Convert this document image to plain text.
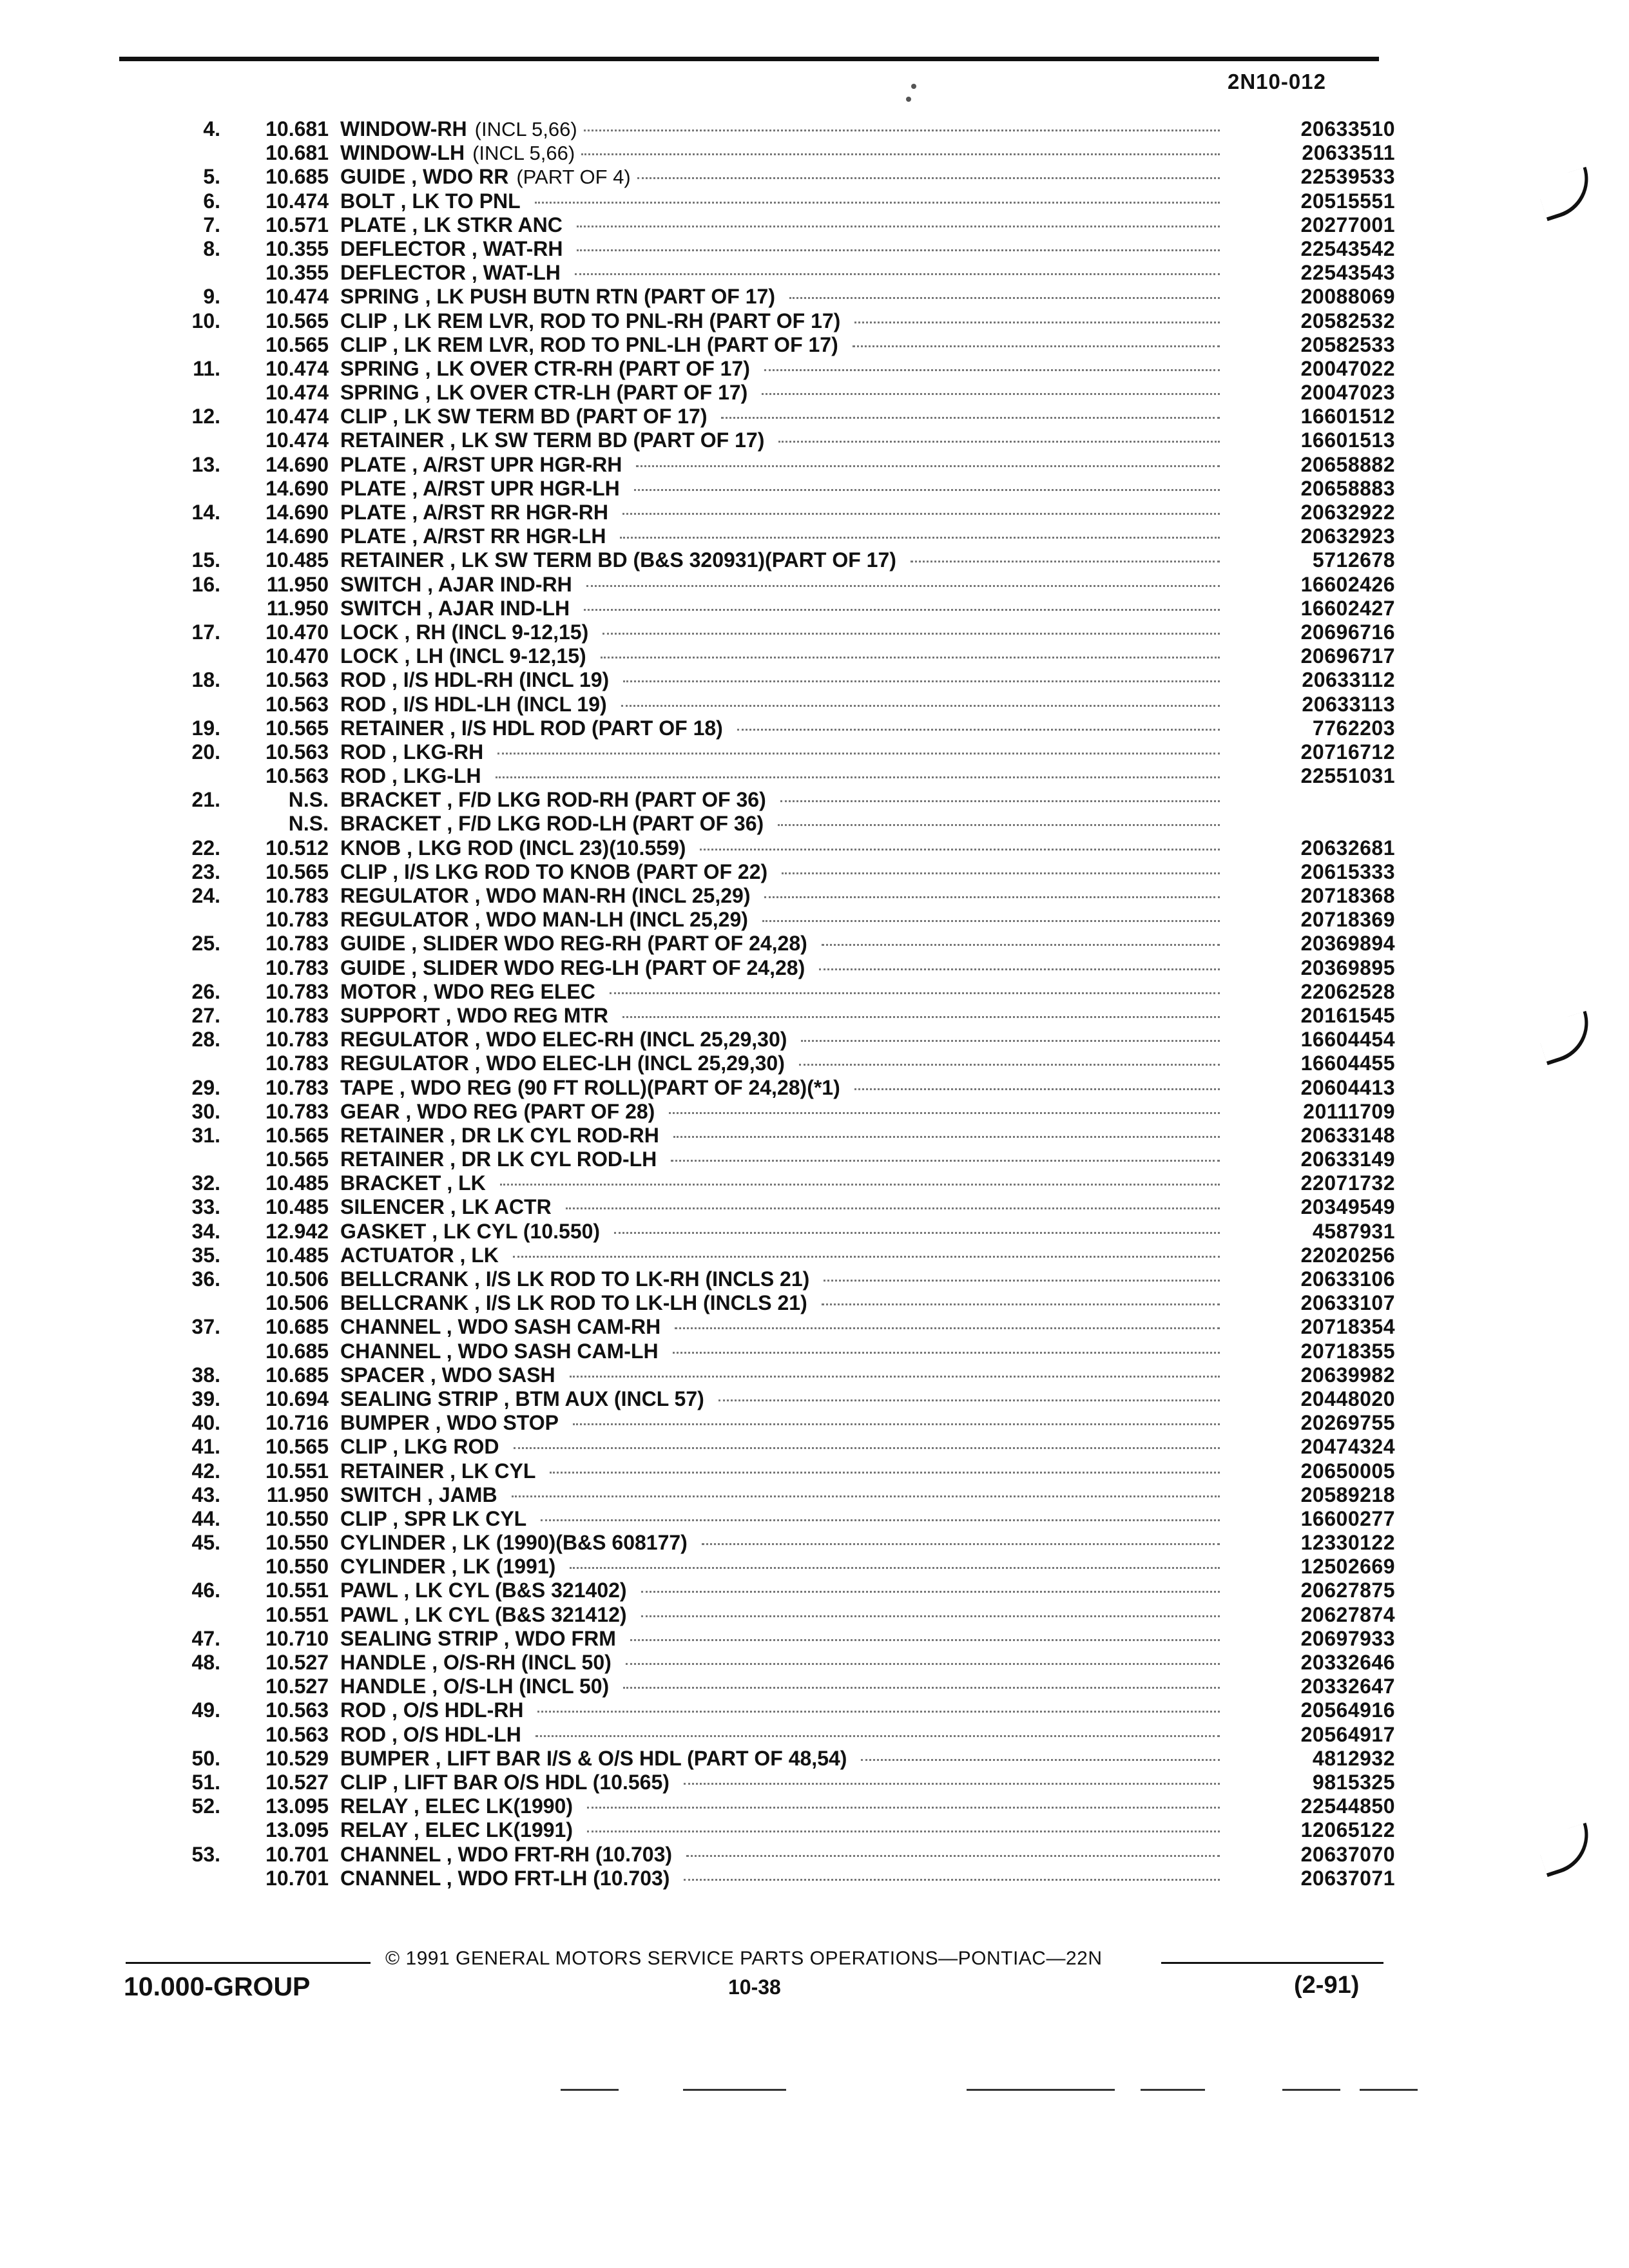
2N10-012
4.	10.681 WINDOW-RH (INCL 5,66)	20633510
10.681 WINDOW-LH (INCL 5,66)	20633511
5.	10.685 GUIDE , WDO RR (PART OF 4)	22539533
6.	10.474 BOLT , LK TO PNL	20515551
7.	10.571 PLATE , LK STKR ANC	20277001
8.	10.355 DEFLECTOR , WAT-RH	22543542
10.355 DEFLECTOR , WAT-LH	22543543
9.	10.474 SPRING , LK PUSH BUTN RTN (PART OF 17)	20088069
10.	10.565 CLIP , LK REM LVR, ROD TO PNL-RH (PART OF 17)	20582532
10.565 CLIP , LK REM LVR, ROD TO PNL-LH (PART OF 17)	20582533
11.	10.474 SPRING , LK OVER CTR-RH (PART OF 17)	20047022
10.474 SPRING , LK OVER CTR-LH (PART OF 17)	20047023
12.	10.474 CLIP , LK SW TERM BD (PART OF 17)	16601512
10.474 RETAINER , LK SW TERM BD (PART OF 17)	16601513
13.	14.690 PLATE , A/RST UPR HGR-RH	20658882
14.690 PLATE , A/RST UPR HGR-LH	20658883
14.	14.690 PLATE , A/RST RR HGR-RH	20632922
14.690 PLATE , A/RST RR HGR-LH	20632923
15.	10.485 RETAINER , LK SW TERM BD (B&S 320931)(PART OF 17)	5712678
16.	11.950 SWITCH , AJAR IND-RH	16602426
11.950 SWITCH , AJAR IND-LH	16602427
17.	10.470 LOCK , RH (INCL 9-12,15)	20696716
10.470 LOCK , LH (INCL 9-12,15)	20696717
18.	10.563 ROD , I/S HDL-RH (INCL 19)	20633112
10.563 ROD , I/S HDL-LH (INCL 19)	20633113
19.	10.565 RETAINER , I/S HDL ROD (PART OF 18)	7762203
20.	10.563 ROD , LKG-RH	20716712
10.563 ROD , LKG-LH	22551031
21.	N.S. BRACKET , F/D LKG ROD-RH (PART OF 36)
N.S. BRACKET , F/D LKG ROD-LH (PART OF 36)
22.	10.512 KNOB , LKG ROD (INCL 23)(10.559)	20632681
23.	10.565 CLIP , I/S LKG ROD TO KNOB (PART OF 22)	20615333
24.	10.783 REGULATOR , WDO MAN-RH (INCL 25,29)	20718368
10.783 REGULATOR , WDO MAN-LH (INCL 25,29)	20718369
25.	10.783 GUIDE , SLIDER WDO REG-RH (PART OF 24,28)	20369894
10.783 GUIDE , SLIDER WDO REG-LH (PART OF 24,28)	20369895
26.	10.783 MOTOR , WDO REG ELEC	22062528
27.	10.783 SUPPORT , WDO REG MTR	20161545
28.	10.783 REGULATOR , WDO ELEC-RH (INCL 25,29,30)	16604454
10.783 REGULATOR , WDO ELEC-LH (INCL 25,29,30)	16604455
29.	10.783 TAPE , WDO REG (90 FT ROLL)(PART OF 24,28)(*1)	20604413
30.	10.783 GEAR , WDO REG (PART OF 28)	20111709
31.	10.565 RETAINER , DR LK CYL ROD-RH	20633148
10.565 RETAINER , DR LK CYL ROD-LH	20633149
32.	10.485 BRACKET , LK	22071732
33.	10.485 SILENCER , LK ACTR	20349549
34.	12.942 GASKET , LK CYL (10.550)	4587931
35.	10.485 ACTUATOR , LK	22020256
36.	10.506 BELLCRANK , I/S LK ROD TO LK-RH (INCLS 21)	20633106
10.506 BELLCRANK , I/S LK ROD TO LK-LH (INCLS 21)	20633107
37.	10.685 CHANNEL , WDO SASH CAM-RH	20718354
10.685 CHANNEL , WDO SASH CAM-LH	20718355
38.	10.685 SPACER , WDO SASH	20639982
39.	10.694 SEALING STRIP , BTM AUX (INCL 57)	20448020
40.	10.716 BUMPER , WDO STOP	20269755
41.	10.565 CLIP , LKG ROD	20474324
42.	10.551 RETAINER , LK CYL	20650005
43.	11.950 SWITCH , JAMB	20589218
44.	10.550 CLIP , SPR LK CYL	16600277
45.	10.550 CYLINDER , LK (1990)(B&S 608177)	12330122
10.550 CYLINDER , LK (1991)	12502669
46.	10.551 PAWL , LK CYL (B&S 321402)	20627875
10.551 PAWL , LK CYL (B&S 321412)	20627874
47.	10.710 SEALING STRIP , WDO FRM	20697933
48.	10.527 HANDLE , O/S-RH (INCL 50)	20332646
10.527 HANDLE , O/S-LH (INCL 50)	20332647
49.	10.563 ROD , O/S HDL-RH	20564916
10.563 ROD , O/S HDL-LH	20564917
50.	10.529 BUMPER , LIFT BAR I/S & O/S HDL (PART OF 48,54)	4812932
51.	10.527 CLIP , LIFT BAR O/S HDL (10.565)	9815325
52.	13.095 RELAY , ELEC LK(1990)	22544850
13.095 RELAY , ELEC LK(1991)	12065122
53.	10.701 CHANNEL , WDO FRT-RH (10.703)	20637070
10.701 CNANNEL , WDO FRT-LH (10.703)	20637071
© 1991 GENERAL MOTORS SERVICE PARTS OPERATIONS—PONTIAC—22N
10.000-GROUP	10-38	(2-91)
